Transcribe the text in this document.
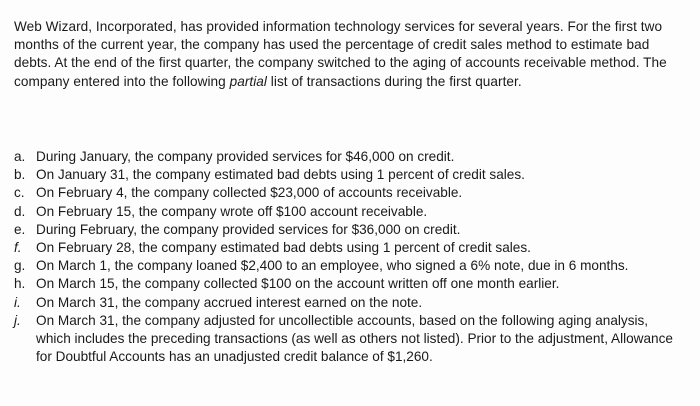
Web Wizard, Incorporated, has provided information technology services for several years. For the first two months of the current year, the company has used the percentage of credit sales method to estimate bad debts. At the end of the first quarter, the company switched to the aging of accounts receivable method. The company entered into the following partial list of transactions during the first quarter.

a. During January, the company provided services for $46,000 on credit.
b. On January 31, the company estimated bad debts using 1 percent of credit sales.
c. On February 4, the company collected $23,000 of accounts receivable.
d. On February 15, the company wrote off $100 account receivable.
e. During February, the company provided services for $36,000 on credit.
f.	On February 28, the company estimated bad debts using 1 percent of credit sales.
g. On March 1, the company loaned $2,400 to an employee, who signed a 6% note, due in 6 months.
h. On March 15, the company collected $100 on the account written off one month earlier.
i.	On March 31, the company accrued interest earned on the note.
j.	On March 31, the company adjusted for uncollectible accounts, based on the following aging analysis, which includes the preceding transactions (as well as others not listed). Prior to the adjustment, Allowance for Doubtful Accounts has an unadjusted credit balance of $1,260.
